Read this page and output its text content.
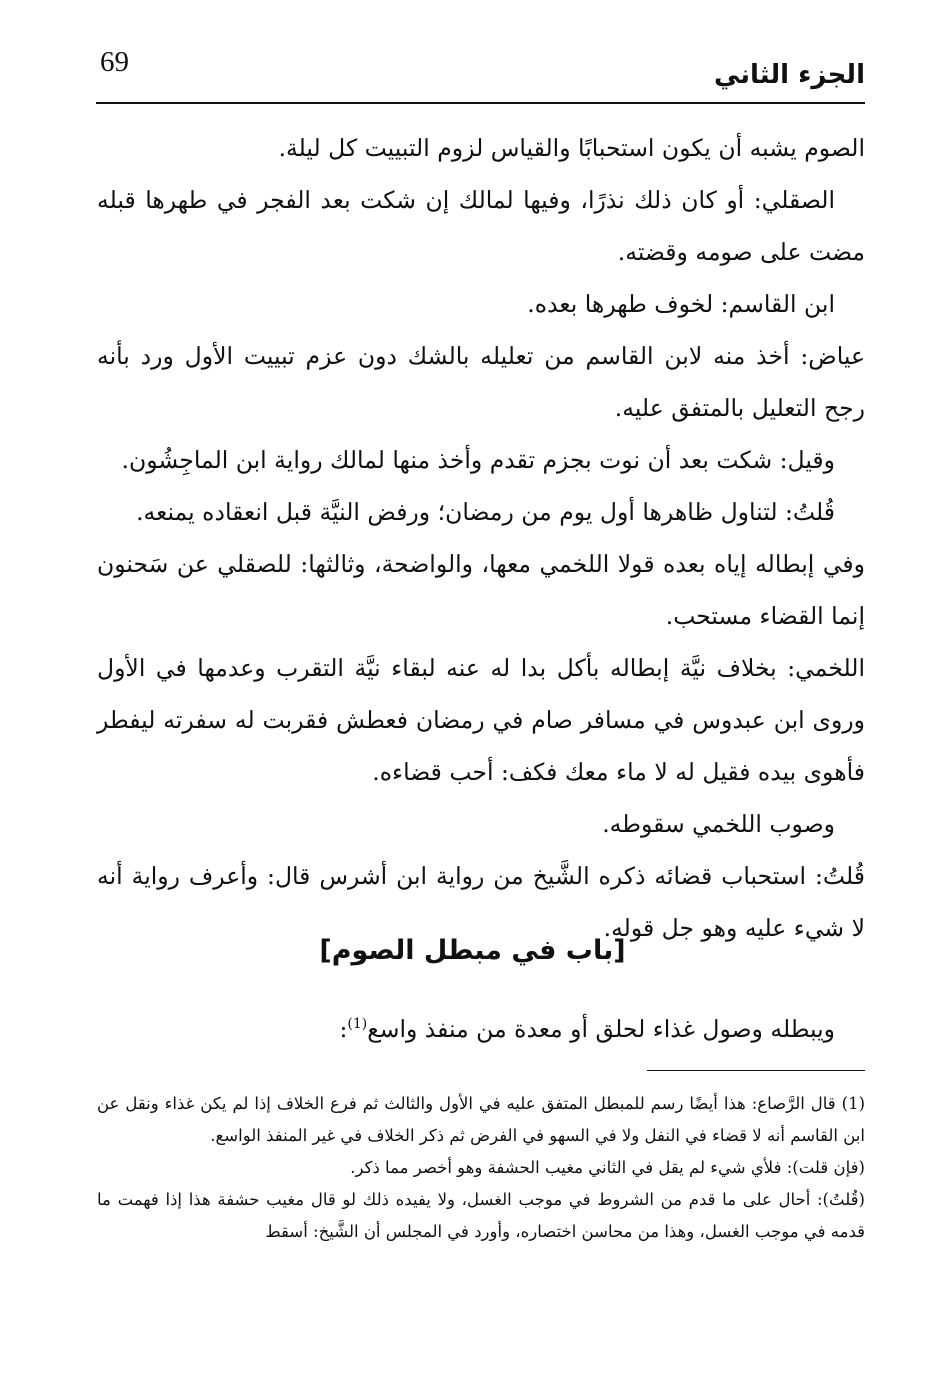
الجزء الثاني
69

الصوم يشبه أن يكون استحبابًا والقياس لزوم التبييت كل ليلة.

الصقلي: أو كان ذلك نذرًا، وفيها لمالك إن شكت بعد الفجر في طهرها قبله مضت على صومه وقضته.

ابن القاسم: لخوف طهرها بعده.

عياض: أخذ منه لابن القاسم من تعليله بالشك دون عزم تبييت الأول ورد بأنه رجح التعليل بالمتفق عليه.

وقيل: شكت بعد أن نوت بجزم تقدم وأخذ منها لمالك رواية ابن الماجِشُون.

قُلتُ: لتناول ظاهرها أول يوم من رمضان؛ ورفض النيَّة قبل انعقاده يمنعه.

وفي إبطاله إياه بعده قولا اللخمي معها، والواضحة، وثالثها: للصقلي عن سَحنون إنما القضاء مستحب.

اللخمي: بخلاف نيَّة إبطاله بأكل بدا له عنه لبقاء نيَّة التقرب وعدمها في الأول وروى ابن عبدوس في مسافر صام في رمضان فعطش فقربت له سفرته ليفطر فأهوى بيده فقيل له لا ماء معك فكف: أحب قضاءه.

وصوب اللخمي سقوطه.

قُلتُ: استحباب قضائه ذكره الشَّيخ من رواية ابن أشرس قال: وأعرف رواية أنه لا شيء عليه وهو جل قوله.

[باب في مبطل الصوم]
ويبطله وصول غذاء لحلق أو معدة من منفذ واسع$^{(1)}$:

(1) قال الرَّصاع: هذا أيضًا رسم للمبطل المتفق عليه في الأول والثالث ثم فرع الخلاف إذا لم يكن غذاء ونقل عن ابن القاسم أنه لا قضاء في النفل ولا في السهو في الفرض ثم ذكر الخلاف في غير المنفذ الواسع.

(فإن قلت): فلأي شيء لم يقل في الثاني مغيب الحشفة وهو أخصر مما ذكر.

(قُلتُ): أحال على ما قدم من الشروط في موجب الغسل، ولا يفيده ذلك لو قال مغيب حشفة هذا إذا فهمت ما قدمه في موجب الغسل، وهذا من محاسن اختصاره، وأورد في المجلس أن الشَّيخ: أسقط
